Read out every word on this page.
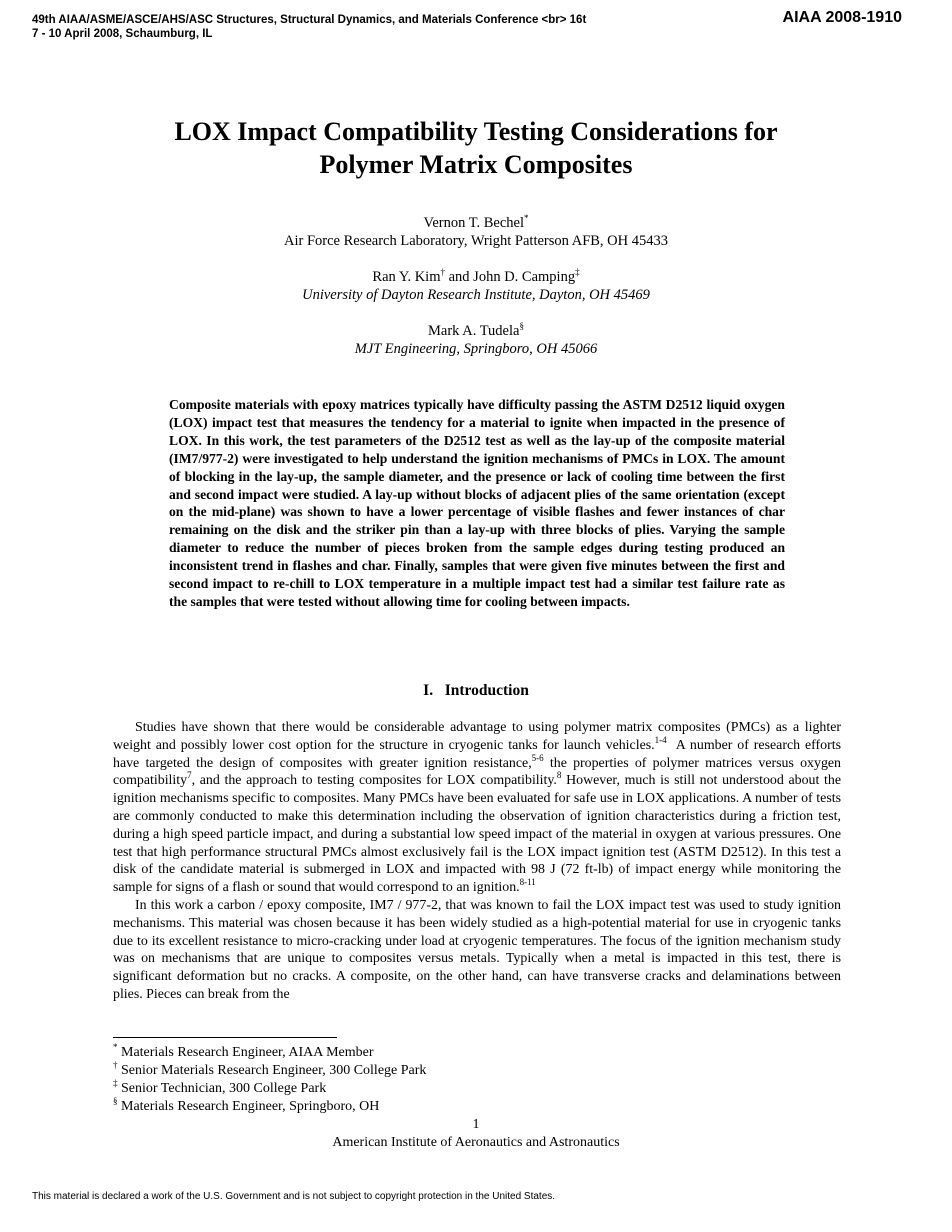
49th AIAA/ASME/ASCE/AHS/ASC Structures, Structural Dynamics, and Materials Conference <br> 16t
7 - 10 April 2008, Schaumburg, IL
AIAA 2008-1910
LOX Impact Compatibility Testing Considerations for
Polymer Matrix Composites
Vernon T. Bechel*
Air Force Research Laboratory, Wright Patterson AFB, OH 45433
Ran Y. Kim† and John D. Camping‡
University of Dayton Research Institute, Dayton, OH 45469
Mark A. Tudela§
MJT Engineering, Springboro, OH 45066
Composite materials with epoxy matrices typically have difficulty passing the ASTM D2512 liquid oxygen (LOX) impact test that measures the tendency for a material to ignite when impacted in the presence of LOX. In this work, the test parameters of the D2512 test as well as the lay-up of the composite material (IM7/977-2) were investigated to help understand the ignition mechanisms of PMCs in LOX. The amount of blocking in the lay-up, the sample diameter, and the presence or lack of cooling time between the first and second impact were studied. A lay-up without blocks of adjacent plies of the same orientation (except on the mid-plane) was shown to have a lower percentage of visible flashes and fewer instances of char remaining on the disk and the striker pin than a lay-up with three blocks of plies. Varying the sample diameter to reduce the number of pieces broken from the sample edges during testing produced an inconsistent trend in flashes and char. Finally, samples that were given five minutes between the first and second impact to re-chill to LOX temperature in a multiple impact test had a similar test failure rate as the samples that were tested without allowing time for cooling between impacts.
I. Introduction

Studies have shown that there would be considerable advantage to using polymer matrix composites (PMCs) as a lighter weight and possibly lower cost option for the structure in cryogenic tanks for launch vehicles.$^{1-4}$  A number of research efforts have targeted the design of composites with greater ignition resistance,$^{5-6}$ the properties of polymer matrices versus oxygen compatibility$^7$, and the approach to testing composites for LOX compatibility.$^8$ However, much is still not understood about the ignition mechanisms specific to composites. Many PMCs have been evaluated for safe use in LOX applications. A number of tests are commonly conducted to make this determination including the observation of ignition characteristics during a friction test, during a high speed particle impact, and during a substantial low speed impact of the material in oxygen at various pressures. One test that high performance structural PMCs almost exclusively fail is the LOX impact ignition test (ASTM D2512). In this test a disk of the candidate material is submerged in LOX and impacted with 98 J (72 ft-lb) of impact energy while monitoring the sample for signs of a flash or sound that would correspond to an ignition.$^{8-11}$

In this work a carbon / epoxy composite, IM7 / 977-2, that was known to fail the LOX impact test was used to study ignition mechanisms. This material was chosen because it has been widely studied as a high-potential material for use in cryogenic tanks due to its excellent resistance to micro-cracking under load at cryogenic temperatures. The focus of the ignition mechanism study was on mechanisms that are unique to composites versus metals. Typically when a metal is impacted in this test, there is significant deformation but no cracks. A composite, on the other hand, can have transverse cracks and delaminations between plies. Pieces can break from the

* Materials Research Engineer, AIAA Member
† Senior Materials Research Engineer, 300 College Park
‡ Senior Technician, 300 College Park
§ Materials Research Engineer, Springboro, OH
1
American Institute of Aeronautics and Astronautics
This material is declared a work of the U.S. Government and is not subject to copyright protection in the United States.
